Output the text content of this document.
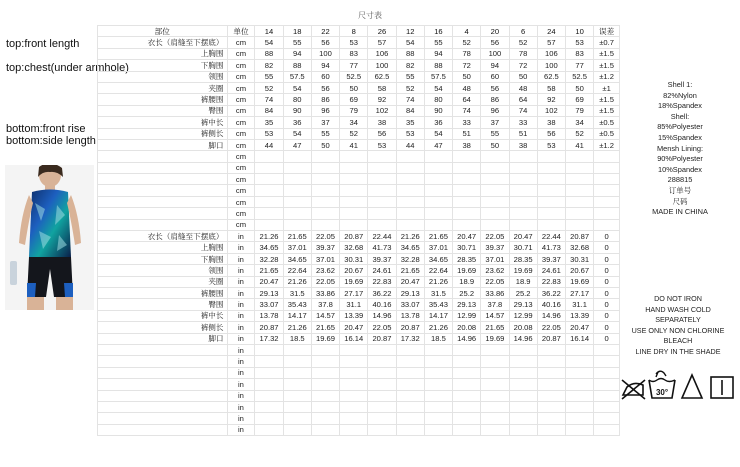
尺寸表
top:front length
top:chest(under armhole)
bottom:front rise
bottom:side length
部位	单位	14	18	22	8	26	12	16	4	20	6	24	10	误差
衣长（肩缝至下摆底）	cm	54	55	56	53	57	54	55	52	56	52	57	53	±0.7
上胸围	cm	88	94	100	83	106	88	94	78	100	78	106	83	±1.5
下胸围	cm	82	88	94	77	100	82	88	72	94	72	100	77	±1.5
领围	cm	55	57.5	60	52.5	62.5	55	57.5	50	60	50	62.5	52.5	±1.2
夹圈	cm	52	54	56	50	58	52	54	48	56	48	58	50	±1
裤腰围	cm	74	80	86	69	92	74	80	64	86	64	92	69	±1.5
臀围	cm	84	90	96	79	102	84	90	74	96	74	102	79	±1.5
裤中长	cm	35	36	37	34	38	35	36	33	37	33	38	34	±0.5
裤侧长	cm	53	54	55	52	56	53	54	51	55	51	56	52	±0.5
脚口	cm	44	47	50	41	53	44	47	38	50	38	53	41	±1.2
	cm													
	cm													
	cm													
	cm													
	cm													
	cm													
	cm													
衣长（肩缝至下摆底）	in	21.26	21.65	22.05	20.87	22.44	21.26	21.65	20.47	22.05	20.47	22.44	20.87	0
上胸围	in	34.65	37.01	39.37	32.68	41.73	34.65	37.01	30.71	39.37	30.71	41.73	32.68	0
下胸围	in	32.28	34.65	37.01	30.31	39.37	32.28	34.65	28.35	37.01	28.35	39.37	30.31	0
领围	in	21.65	22.64	23.62	20.67	24.61	21.65	22.64	19.69	23.62	19.69	24.61	20.67	0
夹圈	in	20.47	21.26	22.05	19.69	22.83	20.47	21.26	18.9	22.05	18.9	22.83	19.69	0
裤腰围	in	29.13	31.5	33.86	27.17	36.22	29.13	31.5	25.2	33.86	25.2	36.22	27.17	0
臀围	in	33.07	35.43	37.8	31.1	40.16	33.07	35.43	29.13	37.8	29.13	40.16	31.1	0
裤中长	in	13.78	14.17	14.57	13.39	14.96	13.78	14.17	12.99	14.57	12.99	14.96	13.39	0
裤侧长	in	20.87	21.26	21.65	20.47	22.05	20.87	21.26	20.08	21.65	20.08	22.05	20.47	0
脚口	in	17.32	18.5	19.69	16.14	20.87	17.32	18.5	14.96	19.69	14.96	20.87	16.14	0
	in													
	in													
	in													
	in													
	in													
	in													
	in													
	in													
Shell 1:
82%Nylon
18%Spandex
Shell:
85%Polyester
15%Spandex
Mensh Lining:
90%Polyester
10%Spandex
288815
订单号
尺码
MADE IN CHINA
DO NOT IRON
HAND WASH COLD
SEPARATELY
USE ONLY NON CHLORINE
BLEACH
LINE DRY IN THE SHADE
30°
